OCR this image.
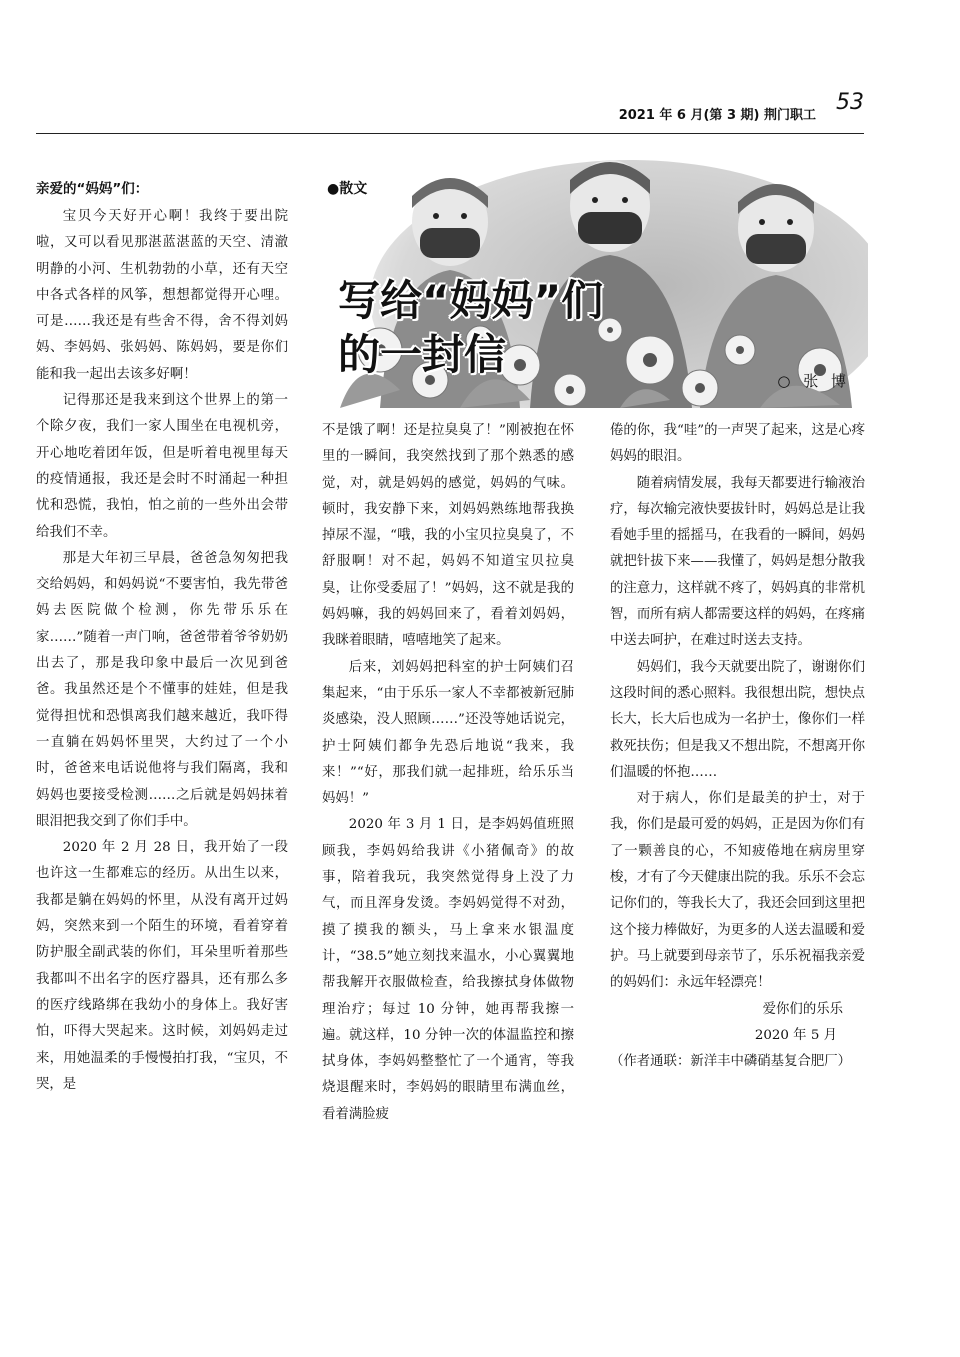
2021 年 6 月(第 3 期) 荆门职工
53
●散文
写给“妈妈”们
的一封信
○ 张 博
亲爱的“妈妈”们：

宝贝今天好开心啊！我终于要出院啦，又可以看见那湛蓝湛蓝的天空、清澈明静的小河、生机勃勃的小草，还有天空中各式各样的风筝，想想都觉得开心哩。可是……我还是有些舍不得，舍不得刘妈妈、李妈妈、张妈妈、陈妈妈，要是你们能和我一起出去该多好啊！

记得那还是我来到这个世界上的第一个除夕夜，我们一家人围坐在电视机旁，开心地吃着团年饭，但是听着电视里每天的疫情通报，我还是会时不时涌起一种担忧和恐慌，我怕，怕之前的一些外出会带给我们不幸。

那是大年初三早晨，爸爸急匆匆把我交给妈妈，和妈妈说“不要害怕，我先带爸妈去医院做个检测，你先带乐乐在家……”随着一声门响，爸爸带着爷爷奶奶出去了，那是我印象中最后一次见到爸爸。我虽然还是个不懂事的娃娃，但是我觉得担忧和恐惧离我们越来越近，我吓得一直躺在妈妈怀里哭，大约过了一个小时，爸爸来电话说他将与我们隔离，我和妈妈也要接受检测……之后就是妈妈抹着眼泪把我交到了你们手中。

2020 年 2 月 28 日，我开始了一段也许这一生都难忘的经历。从出生以来，我都是躺在妈妈的怀里，从没有离开过妈妈，突然来到一个陌生的环境，看着穿着防护服全副武装的你们，耳朵里听着那些我都叫不出名字的医疗器具，还有那么多的医疗线路绑在我幼小的身体上。我好害怕，吓得大哭起来。这时候，刘妈妈走过来，用她温柔的手慢慢拍打我，“宝贝，不哭，是

不是饿了啊！还是拉臭臭了！”刚被抱在怀里的一瞬间，我突然找到了那个熟悉的感觉，对，就是妈妈的感觉，妈妈的气味。顿时，我安静下来，刘妈妈熟练地帮我换掉尿不湿，“哦，我的小宝贝拉臭臭了，不舒服啊！对不起，妈妈不知道宝贝拉臭臭，让你受委屈了！”妈妈，这不就是我的妈妈嘛，我的妈妈回来了，看着刘妈妈，我眯着眼睛，嘻嘻地笑了起来。

后来，刘妈妈把科室的护士阿姨们召集起来，“由于乐乐一家人不幸都被新冠肺炎感染，没人照顾……”还没等她话说完，护士阿姨们都争先恐后地说“我来，我来！”“好，那我们就一起排班，给乐乐当妈妈！”

2020 年 3 月 1 日，是李妈妈值班照顾我，李妈妈给我讲《小猪佩奇》的故事，陪着我玩，我突然觉得身上没了力气，而且浑身发烫。李妈妈觉得不对劲，摸了摸我的额头，马上拿来水银温度计，“38.5”她立刻找来温水，小心翼翼地帮我解开衣服做检查，给我擦拭身体做物理治疗；每过 10 分钟，她再帮我擦一遍。就这样，10 分钟一次的体温监控和擦拭身体，李妈妈整整忙了一个通宵，等我烧退醒来时，李妈妈的眼睛里布满血丝，看着满脸疲

倦的你，我“哇”的一声哭了起来，这是心疼妈妈的眼泪。

随着病情发展，我每天都要进行输液治疗，每次输完液快要拔针时，妈妈总是让我看她手里的摇摇马，在我看的一瞬间，妈妈就把针拔下来——我懂了，妈妈是想分散我的注意力，这样就不疼了，妈妈真的非常机智，而所有病人都需要这样的妈妈，在疼痛中送去呵护，在难过时送去支持。

妈妈们，我今天就要出院了，谢谢你们这段时间的悉心照料。我很想出院，想快点长大，长大后也成为一名护士，像你们一样救死扶伤；但是我又不想出院，不想离开你们温暖的怀抱……

对于病人，你们是最美的护士，对于我，你们是最可爱的妈妈，正是因为你们有了一颗善良的心，不知疲倦地在病房里穿梭，才有了今天健康出院的我。乐乐不会忘记你们的，等我长大了，我还会回到这里把这个接力棒做好，为更多的人送去温暖和爱护。马上就要到母亲节了，乐乐祝福我亲爱的妈妈们：永远年轻漂亮！

爱你们的乐乐

2020 年 5 月

（作者通联：新洋丰中磷硝基复合肥厂）
